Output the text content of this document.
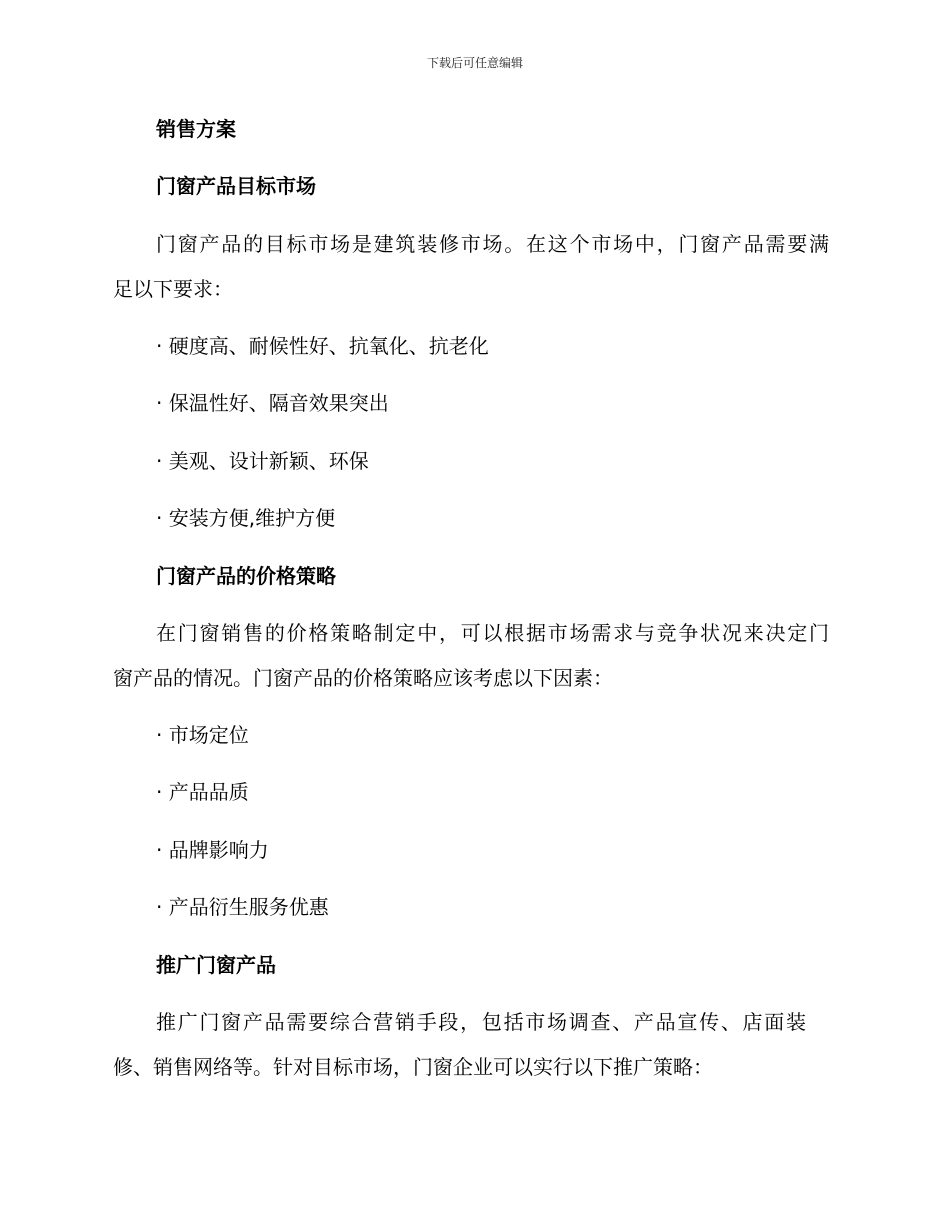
下载后可任意编辑
销售方案
门窗产品目标市场
门窗产品的目标市场是建筑装修市场。在这个市场中，门窗产品需要满
足以下要求：
· 硬度高、耐候性好、抗氧化、抗老化
· 保温性好、隔音效果突出
· 美观、设计新颖、环保
· 安装方便,维护方便
门窗产品的价格策略
在门窗销售的价格策略制定中，可以根据市场需求与竞争状况来决定门
窗产品的情况。门窗产品的价格策略应该考虑以下因素：
· 市场定位
· 产品品质
· 品牌影响力
· 产品衍生服务优惠
推广门窗产品
推广门窗产品需要综合营销手段，包括市场调查、产品宣传、店面装
修、销售网络等。针对目标市场，门窗企业可以实行以下推广策略：
